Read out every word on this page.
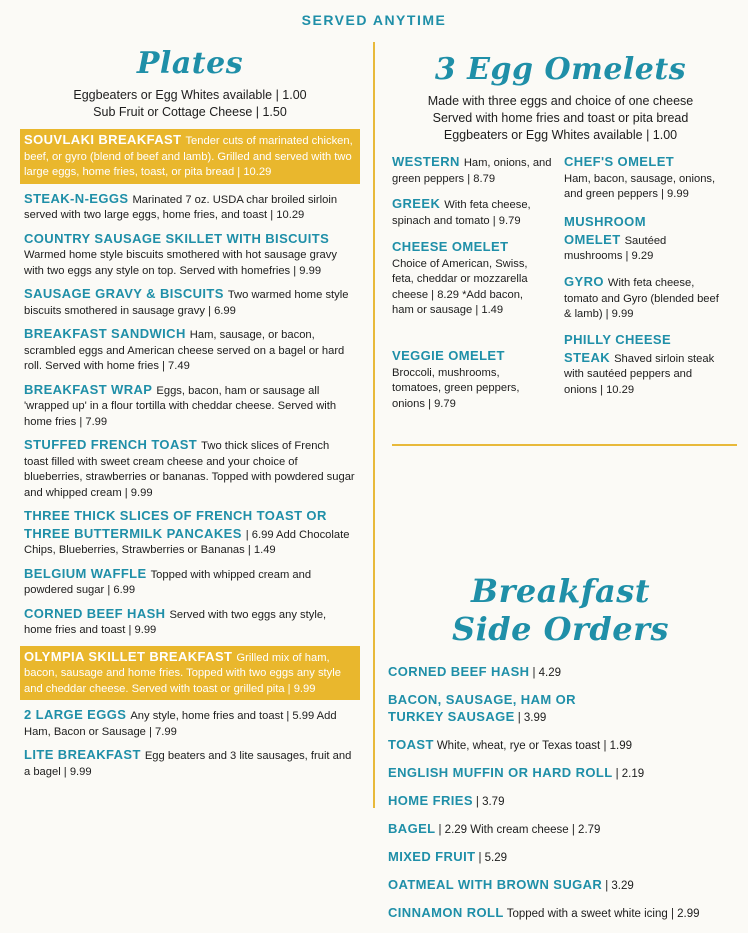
SERVED ANYTIME
Plates
Eggbeaters or Egg Whites available | 1.00
Sub Fruit or Cottage Cheese | 1.50
SOUVLAKI BREAKFAST Tender cuts of marinated chicken, beef, or gyro (blend of beef and lamb). Grilled and served with two large eggs, home fries, toast, or pita bread | 10.29
STEAK-N-EGGS Marinated 7 oz. USDA char broiled sirloin served with two large eggs, home fries, and toast | 10.29
COUNTRY SAUSAGE SKILLET WITH BISCUITS
Warmed home style biscuits smothered with hot sausage gravy with two eggs any style on top. Served with homefries | 9.99
SAUSAGE GRAVY & BISCUITS Two warmed home style biscuits smothered in sausage gravy | 6.99
BREAKFAST SANDWICH Ham, sausage, or bacon, scrambled eggs and American cheese served on a bagel or hard roll. Served with home fries | 7.49
BREAKFAST WRAP Eggs, bacon, ham or sausage all 'wrapped up' in a flour tortilla with cheddar cheese. Served with home fries | 7.99
STUFFED FRENCH TOAST Two thick slices of French toast filled with sweet cream cheese and your choice of blueberries, strawberries or bananas. Topped with powdered sugar and whipped cream | 9.99
THREE THICK SLICES OF FRENCH TOAST OR THREE BUTTERMILK PANCAKES | 6.99 Add Chocolate Chips, Blueberries, Strawberries or Bananas | 1.49
BELGIUM WAFFLE Topped with whipped cream and powdered sugar | 6.99
CORNED BEEF HASH Served with two eggs any style, home fries and toast | 9.99
OLYMPIA SKILLET BREAKFAST Grilled mix of ham, bacon, sausage and home fries. Topped with two eggs any style and cheddar cheese. Served with toast or grilled pita | 9.99
2 LARGE EGGS Any style, home fries and toast | 5.99 Add Ham, Bacon or Sausage | 7.99
LITE BREAKFAST Egg beaters and 3 lite sausages, fruit and a bagel | 9.99
3 Egg Omelets
Made with three eggs and choice of one cheese
Served with home fries and toast or pita bread
Eggbeaters or Egg Whites available | 1.00
WESTERN Ham, onions, and green peppers | 8.79
GREEK With feta cheese, spinach and tomato | 9.79
CHEESE OMELET
Choice of American, Swiss, feta, cheddar or mozzarella cheese | 8.29 *Add bacon, ham or sausage | 1.49
VEGGIE OMELET
Broccoli, mushrooms, tomatoes, green peppers, onions | 9.79
CHEF'S OMELET
Ham, bacon, sausage, onions, and green peppers | 9.99
MUSHROOM OMELET Sautéed mushrooms | 9.29
GYRO With feta cheese, tomato and Gyro (blended beef & lamb) | 9.99
PHILLY CHEESE STEAK Shaved sirloin steak with sautéed peppers and onions | 10.29
Breakfast
Side Orders
CORNED BEEF HASH | 4.29
BACON, SAUSAGE, HAM OR TURKEY SAUSAGE | 3.99
TOAST White, wheat, rye or Texas toast | 1.99
ENGLISH MUFFIN OR HARD ROLL | 2.19
HOME FRIES | 3.79
BAGEL | 2.29 With cream cheese | 2.79
MIXED FRUIT | 5.29
OATMEAL WITH BROWN SUGAR | 3.29
CINNAMON ROLL Topped with a sweet white icing | 2.99
